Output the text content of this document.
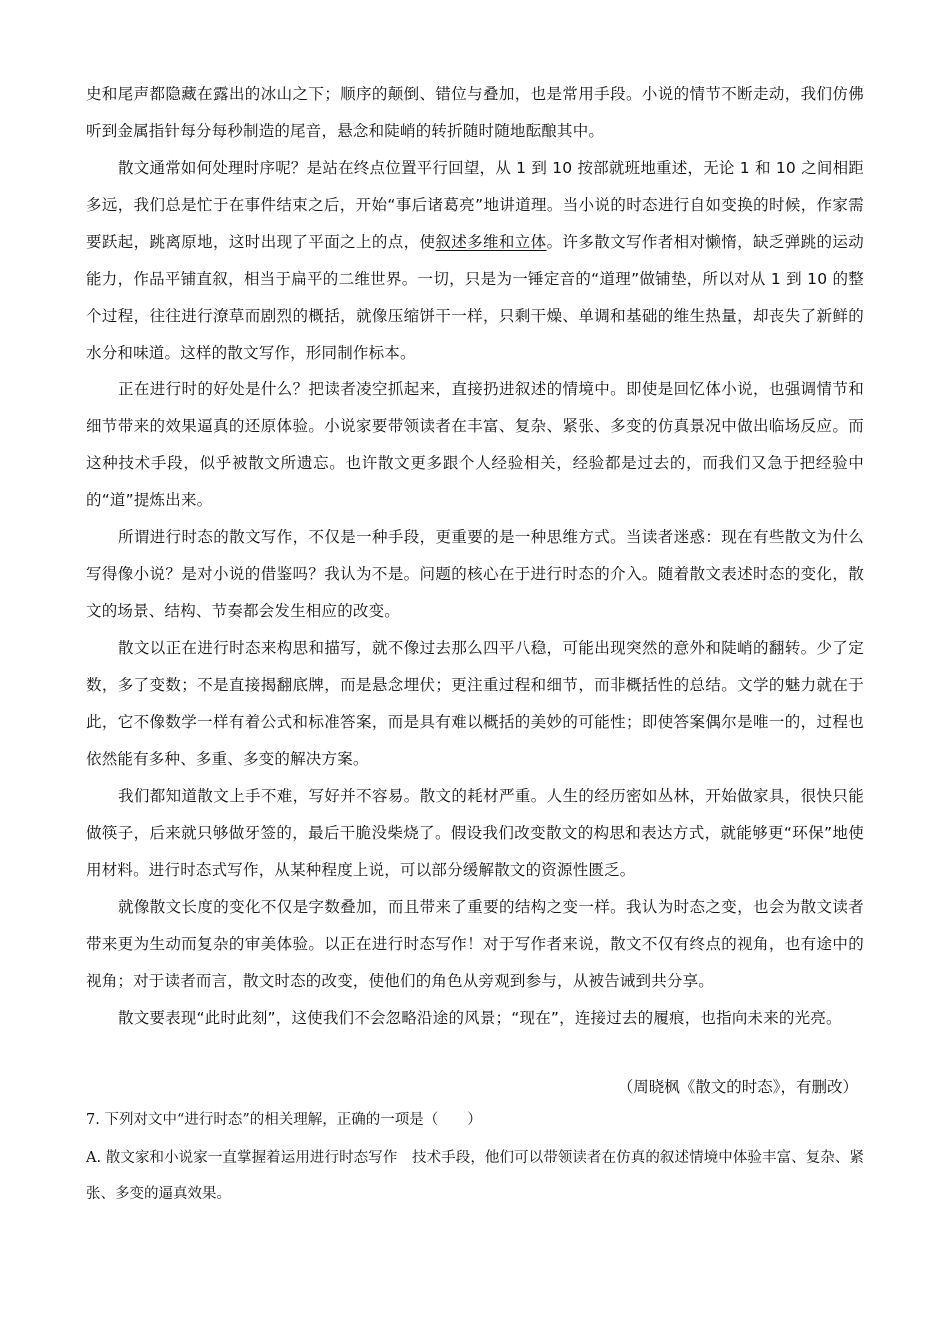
史和尾声都隐藏在露出的冰山之下；顺序的颠倒、错位与叠加，也是常用手段。小说的情节不断走动，我们仿佛听到金属指针每分每秒制造的尾音，悬念和陡峭的转折随时随地酝酿其中。

散文通常如何处理时序呢？是站在终点位置平行回望，从 1 到 10 按部就班地重述，无论 1 和 10 之间相距多远，我们总是忙于在事件结束之后，开始“事后诸葛亮”地讲道理。当小说的时态进行自如变换的时候，作家需要跃起，跳离原地，这时出现了平面之上的点，使叙述多维和立体。许多散文写作者相对懒惰，缺乏弹跳的运动能力，作品平铺直叙，相当于扁平的二维世界。一切，只是为一锤定音的“道理”做铺垫，所以对从 1 到 10 的整个过程，往往进行潦草而剧烈的概括，就像压缩饼干一样，只剩干燥、单调和基础的维生热量，却丧失了新鲜的水分和味道。这样的散文写作，形同制作标本。

正在进行时的好处是什么？把读者凌空抓起来，直接扔进叙述的情境中。即使是回忆体小说，也强调情节和细节带来的效果逼真的还原体验。小说家要带领读者在丰富、复杂、紧张、多变的仿真景况中做出临场反应。而这种技术手段，似乎被散文所遗忘。也许散文更多跟个人经验相关，经验都是过去的，而我们又急于把经验中的“道”提炼出来。

所谓进行时态的散文写作，不仅是一种手段，更重要的是一种思维方式。当读者迷惑：现在有些散文为什么写得像小说？是对小说的借鉴吗？我认为不是。问题的核心在于进行时态的介入。随着散文表述时态的变化，散文的场景、结构、节奏都会发生相应的改变。

散文以正在进行时态来构思和描写，就不像过去那么四平八稳，可能出现突然的意外和陡峭的翻转。少了定数，多了变数；不是直接揭翻底牌，而是悬念埋伏；更注重过程和细节，而非概括性的总结。文学的魅力就在于此，它不像数学一样有着公式和标准答案，而是具有难以概括的美妙的可能性；即使答案偶尔是唯一的，过程也依然能有多种、多重、多变的解决方案。

我们都知道散文上手不难，写好并不容易。散文的耗材严重。人生的经历密如丛林，开始做家具，很快只能做筷子，后来就只够做牙签的，最后干脆没柴烧了。假设我们改变散文的构思和表达方式，就能够更“环保”地使用材料。进行时态式写作，从某种程度上说，可以部分缓解散文的资源性匮乏。

就像散文长度的变化不仅是字数叠加，而且带来了重要的结构之变一样。我认为时态之变，也会为散文读者带来更为生动而复杂的审美体验。以正在进行时态写作！对于写作者来说，散文不仅有终点的视角，也有途中的视角；对于读者而言，散文时态的改变，使他们的角色从旁观到参与，从被告诫到共分享。

散文要表现“此时此刻”，这使我们不会忽略沿途的风景；“现在”，连接过去的履痕，也指向未来的光亮。

（周晓枫《散文的时态》，有删改）

7. 下列对文中“进行时态”的相关理解，正确的一项是（　　）

A. 散文家和小说家一直掌握着运用进行时态写作　技术手段，他们可以带领读者在仿真的叙述情境中体验丰富、复杂、紧张、多变的逼真效果。
